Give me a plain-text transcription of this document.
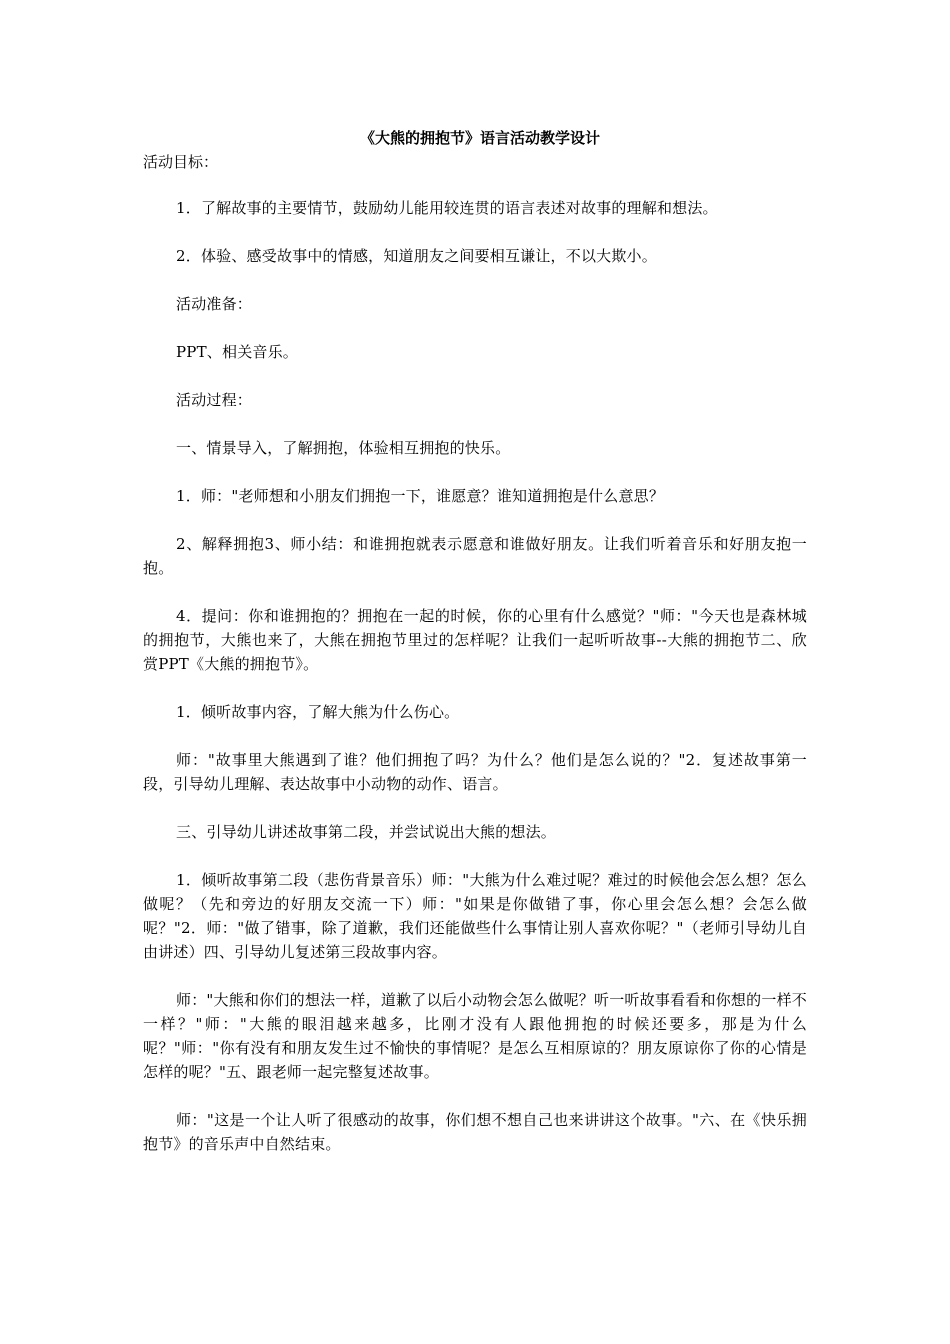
《大熊的拥抱节》语言活动教学设计

活动目标：

1．了解故事的主要情节，鼓励幼儿能用较连贯的语言表述对故事的理解和想法。

2．体验、感受故事中的情感，知道朋友之间要相互谦让，不以大欺小。

活动准备：

PPT、相关音乐。

活动过程：

一、情景导入，了解拥抱，体验相互拥抱的快乐。

1．师："老师想和小朋友们拥抱一下，谁愿意？谁知道拥抱是什么意思？

2、解释拥抱3、师小结：和谁拥抱就表示愿意和谁做好朋友。让我们听着音乐和好朋友抱一抱。

4．提问：你和谁拥抱的？拥抱在一起的时候，你的心里有什么感觉？"师："今天也是森林城的拥抱节，大熊也来了，大熊在拥抱节里过的怎样呢？让我们一起听听故事--大熊的拥抱节二、欣赏PPT《大熊的拥抱节》。

1．倾听故事内容，了解大熊为什么伤心。

师："故事里大熊遇到了谁？他们拥抱了吗？为什么？他们是怎么说的？"2．复述故事第一段，引导幼儿理解、表达故事中小动物的动作、语言。

三、引导幼儿讲述故事第二段，并尝试说出大熊的想法。

1．倾听故事第二段（悲伤背景音乐）师："大熊为什么难过呢？难过的时候他会怎么想？怎么做呢？（先和旁边的好朋友交流一下）师："如果是你做错了事，你心里会怎么想？会怎么做呢？"2．师："做了错事，除了道歉，我们还能做些什么事情让别人喜欢你呢？"（老师引导幼儿自由讲述）四、引导幼儿复述第三段故事内容。

师："大熊和你们的想法一样，道歉了以后小动物会怎么做呢？听一听故事看看和你想的一样不一样？"师："大熊的眼泪越来越多，比刚才没有人跟他拥抱的时候还要多，那是为什么呢？"师："你有没有和朋友发生过不愉快的事情呢？是怎么互相原谅的？朋友原谅你了你的心情是怎样的呢？"五、跟老师一起完整复述故事。

师："这是一个让人听了很感动的故事，你们想不想自己也来讲讲这个故事。"六、在《快乐拥抱节》的音乐声中自然结束。
